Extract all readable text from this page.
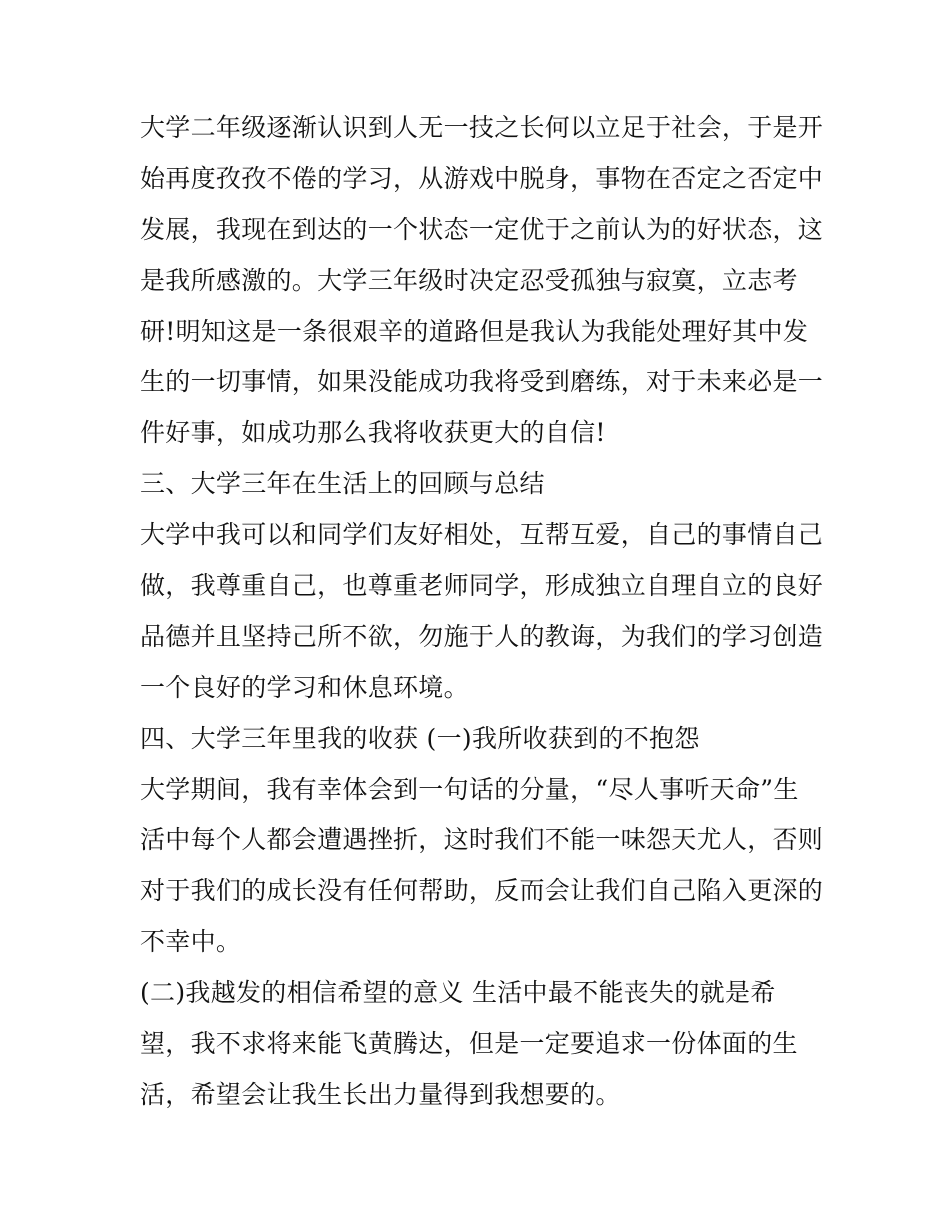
大学二年级逐渐认识到人无一技之长何以立足于社会，于是开
始再度孜孜不倦的学习，从游戏中脱身，事物在否定之否定中
发展，我现在到达的一个状态一定优于之前认为的好状态，这
是我所感激的。大学三年级时决定忍受孤独与寂寞，立志考
研!明知这是一条很艰辛的道路但是我认为我能处理好其中发
生的一切事情，如果没能成功我将受到磨练，对于未来必是一
件好事，如成功那么我将收获更大的自信!
三、大学三年在生活上的回顾与总结
大学中我可以和同学们友好相处，互帮互爱，自己的事情自己
做，我尊重自己，也尊重老师同学，形成独立自理自立的良好
品德并且坚持己所不欲，勿施于人的教诲，为我们的学习创造
一个良好的学习和休息环境。
四、大学三年里我的收获 (一)我所收获到的不抱怨
大学期间，我有幸体会到一句话的分量，“尽人事听天命”生
活中每个人都会遭遇挫折，这时我们不能一味怨天尤人，否则
对于我们的成长没有任何帮助，反而会让我们自己陷入更深的
不幸中。
(二)我越发的相信希望的意义 生活中最不能丧失的就是希
望，我不求将来能飞黄腾达，但是一定要追求一份体面的生
活，希望会让我生长出力量得到我想要的。
